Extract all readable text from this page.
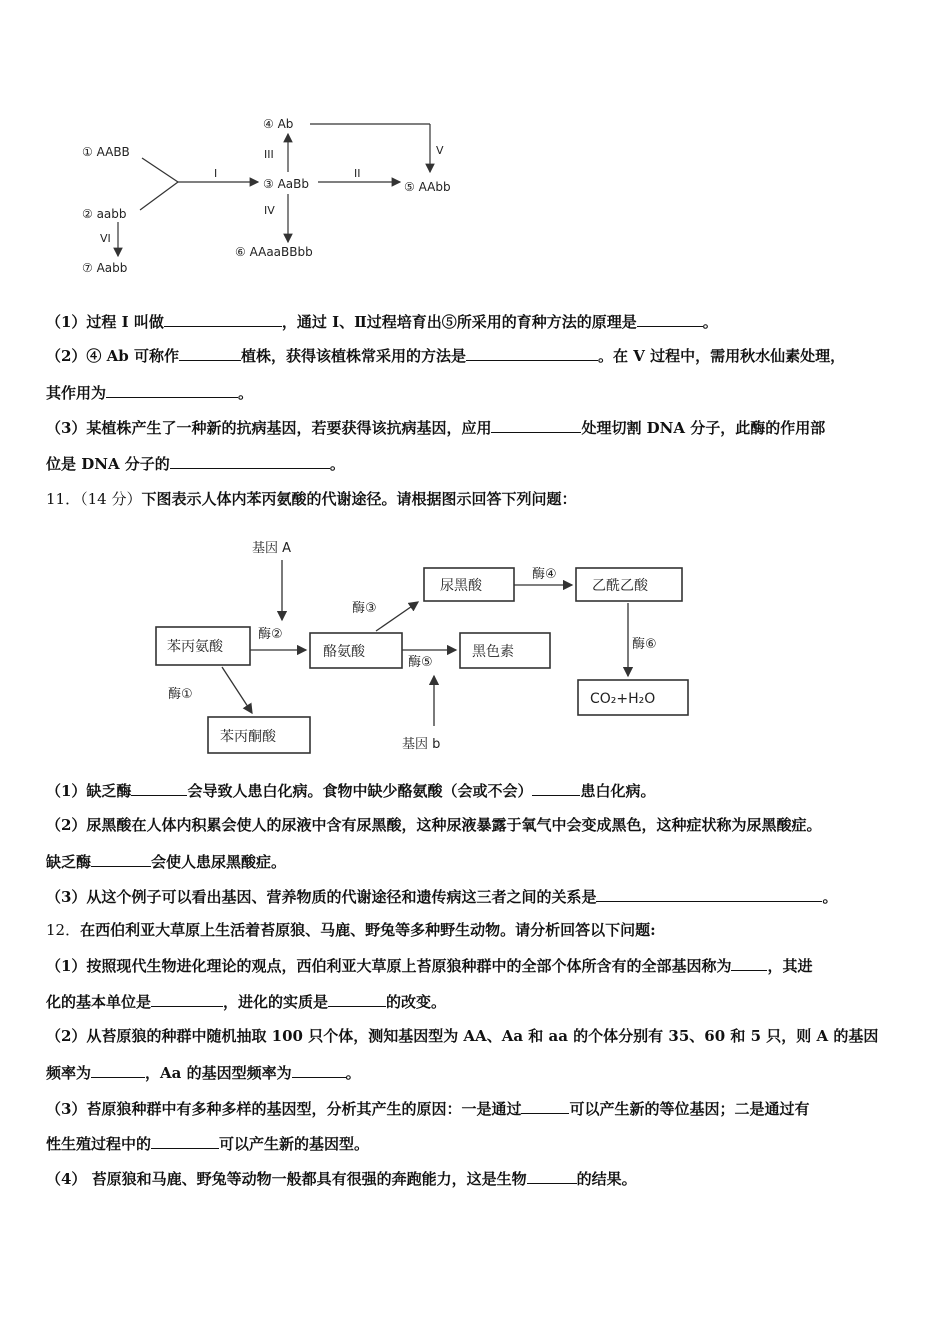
① AABB
② aabb
③ AaBb
④ Ab
⑤ AAbb
⑥ AAaaBBbb
⑦ Aabb
I	II
III
IV
V
VI
（1）过程 I 叫做	，通过 I、Ⅱ过程培育出⑤所采用的育种方法的原理是	。
（2）④ Ab 可称作	植株，获得该植株常采用的方法是	。在 V 过程中，需用秋水仙素处理，
其作用为	。
（3）某植株产生了一种新的抗病基因，若要获得该抗病基因，应用	处理切割 DNA 分子，此酶的作用部
位是 DNA 分子的	。
11．（14 分）下图表示人体内苯丙氨酸的代谢途径。请根据图示回答下列问题：
苯丙氨酸	酪氨酸
苯丙酮酸
尿黑酸
黑色素
乙酰乙酸
CO₂+H₂O
基因 A
基因 b
酶①
酶②
酶③
酶④
酶⑤
酶⑥
（1）缺乏酶	会导致人患白化病。食物中缺少酪氨酸（会或不会）	患白化病。
（2）尿黑酸在人体内积累会使人的尿液中含有尿黑酸，这种尿液暴露于氧气中会变成黑色，这种症状称为尿黑酸症。
缺乏酶	会使人患尿黑酸症。
（3）从这个例子可以看出基因、营养物质的代谢途径和遗传病这三者之间的关系是	。
12．在西伯利亚大草原上生活着苔原狼、马鹿、野兔等多种野生动物。请分析回答以下问题:
（1）按照现代生物进化理论的观点，西伯利亚大草原上苔原狼种群中的全部个体所含有的全部基因称为 ，其进
化的基本单位是	，进化的实质是	的改变。
（2）从苔原狼的种群中随机抽取 100 只个体，测知基因型为 AA、Aa 和 aa 的个体分别有 35、60 和 5 只，则 A 的基因
频率为	，Aa 的基因型频率为	。
（3）苔原狼种群中有多种多样的基因型，分析其产生的原因：一是通过	可以产生新的等位基因；二是通过有
性生殖过程中的	可以产生新的基因型。
（4） 苔原狼和马鹿、野兔等动物一般都具有很强的奔跑能力，这是生物	的结果。
